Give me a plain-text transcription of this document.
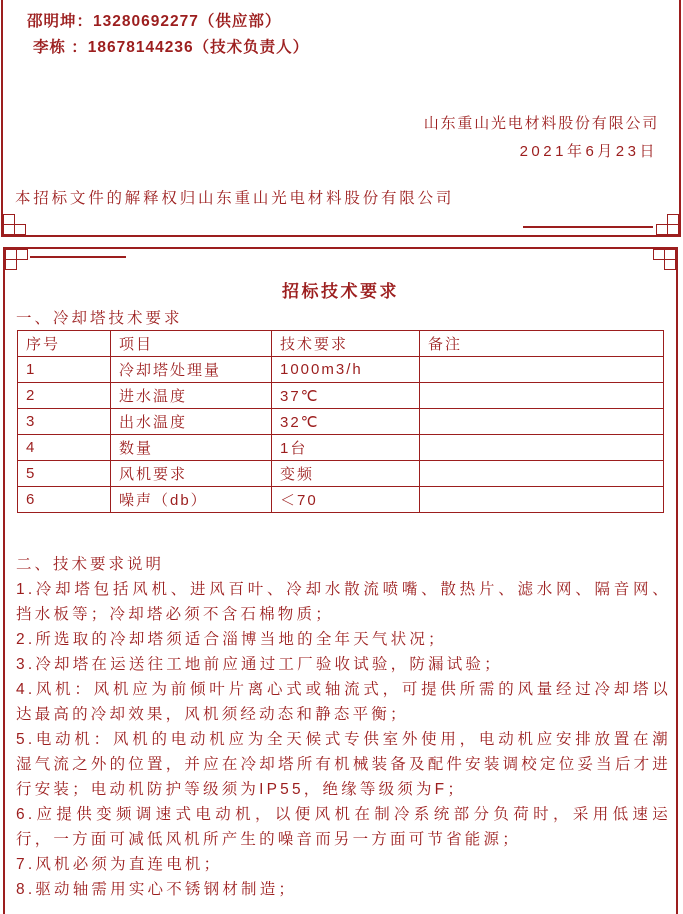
邵明坤：13280692277（供应部）
李栋 ：18678144236（技术负责人）
山东重山光电材料股份有限公司
2021年6月23日
本招标文件的解释权归山东重山光电材料股份有限公司
招标技术要求
一、冷却塔技术要求
序号	项目	技术要求	备注
1	冷却塔处理量	1000m3/h	
2	进水温度	37℃	
3	出水温度	32℃	
4	数量	1台	
5	风机要求	变频	
6	噪声（db）	＜70	
二、技术要求说明

1.冷却塔包括风机、进风百叶、冷却水散流喷嘴、散热片、滤水网、隔音网、挡水板等；冷却塔必须不含石棉物质；

2.所选取的冷却塔须适合淄博当地的全年天气状况；

3.冷却塔在运送往工地前应通过工厂验收试验，防漏试验；

4.风机：风机应为前倾叶片离心式或轴流式，可提供所需的风量经过冷却塔以达最高的冷却效果，风机须经动态和静态平衡；

5.电动机：风机的电动机应为全天候式专供室外使用，电动机应安排放置在潮湿气流之外的位置，并应在冷却塔所有机械装备及配件安装调校定位妥当后才进行安装；电动机防护等级须为IP55，绝缘等级须为F；

6.应提供变频调速式电动机，以便风机在制冷系统部分负荷时，采用低速运行，一方面可减低风机所产生的噪音而另一方面可节省能源；

7.风机必须为直连电机；

8.驱动轴需用实心不锈钢材制造；
